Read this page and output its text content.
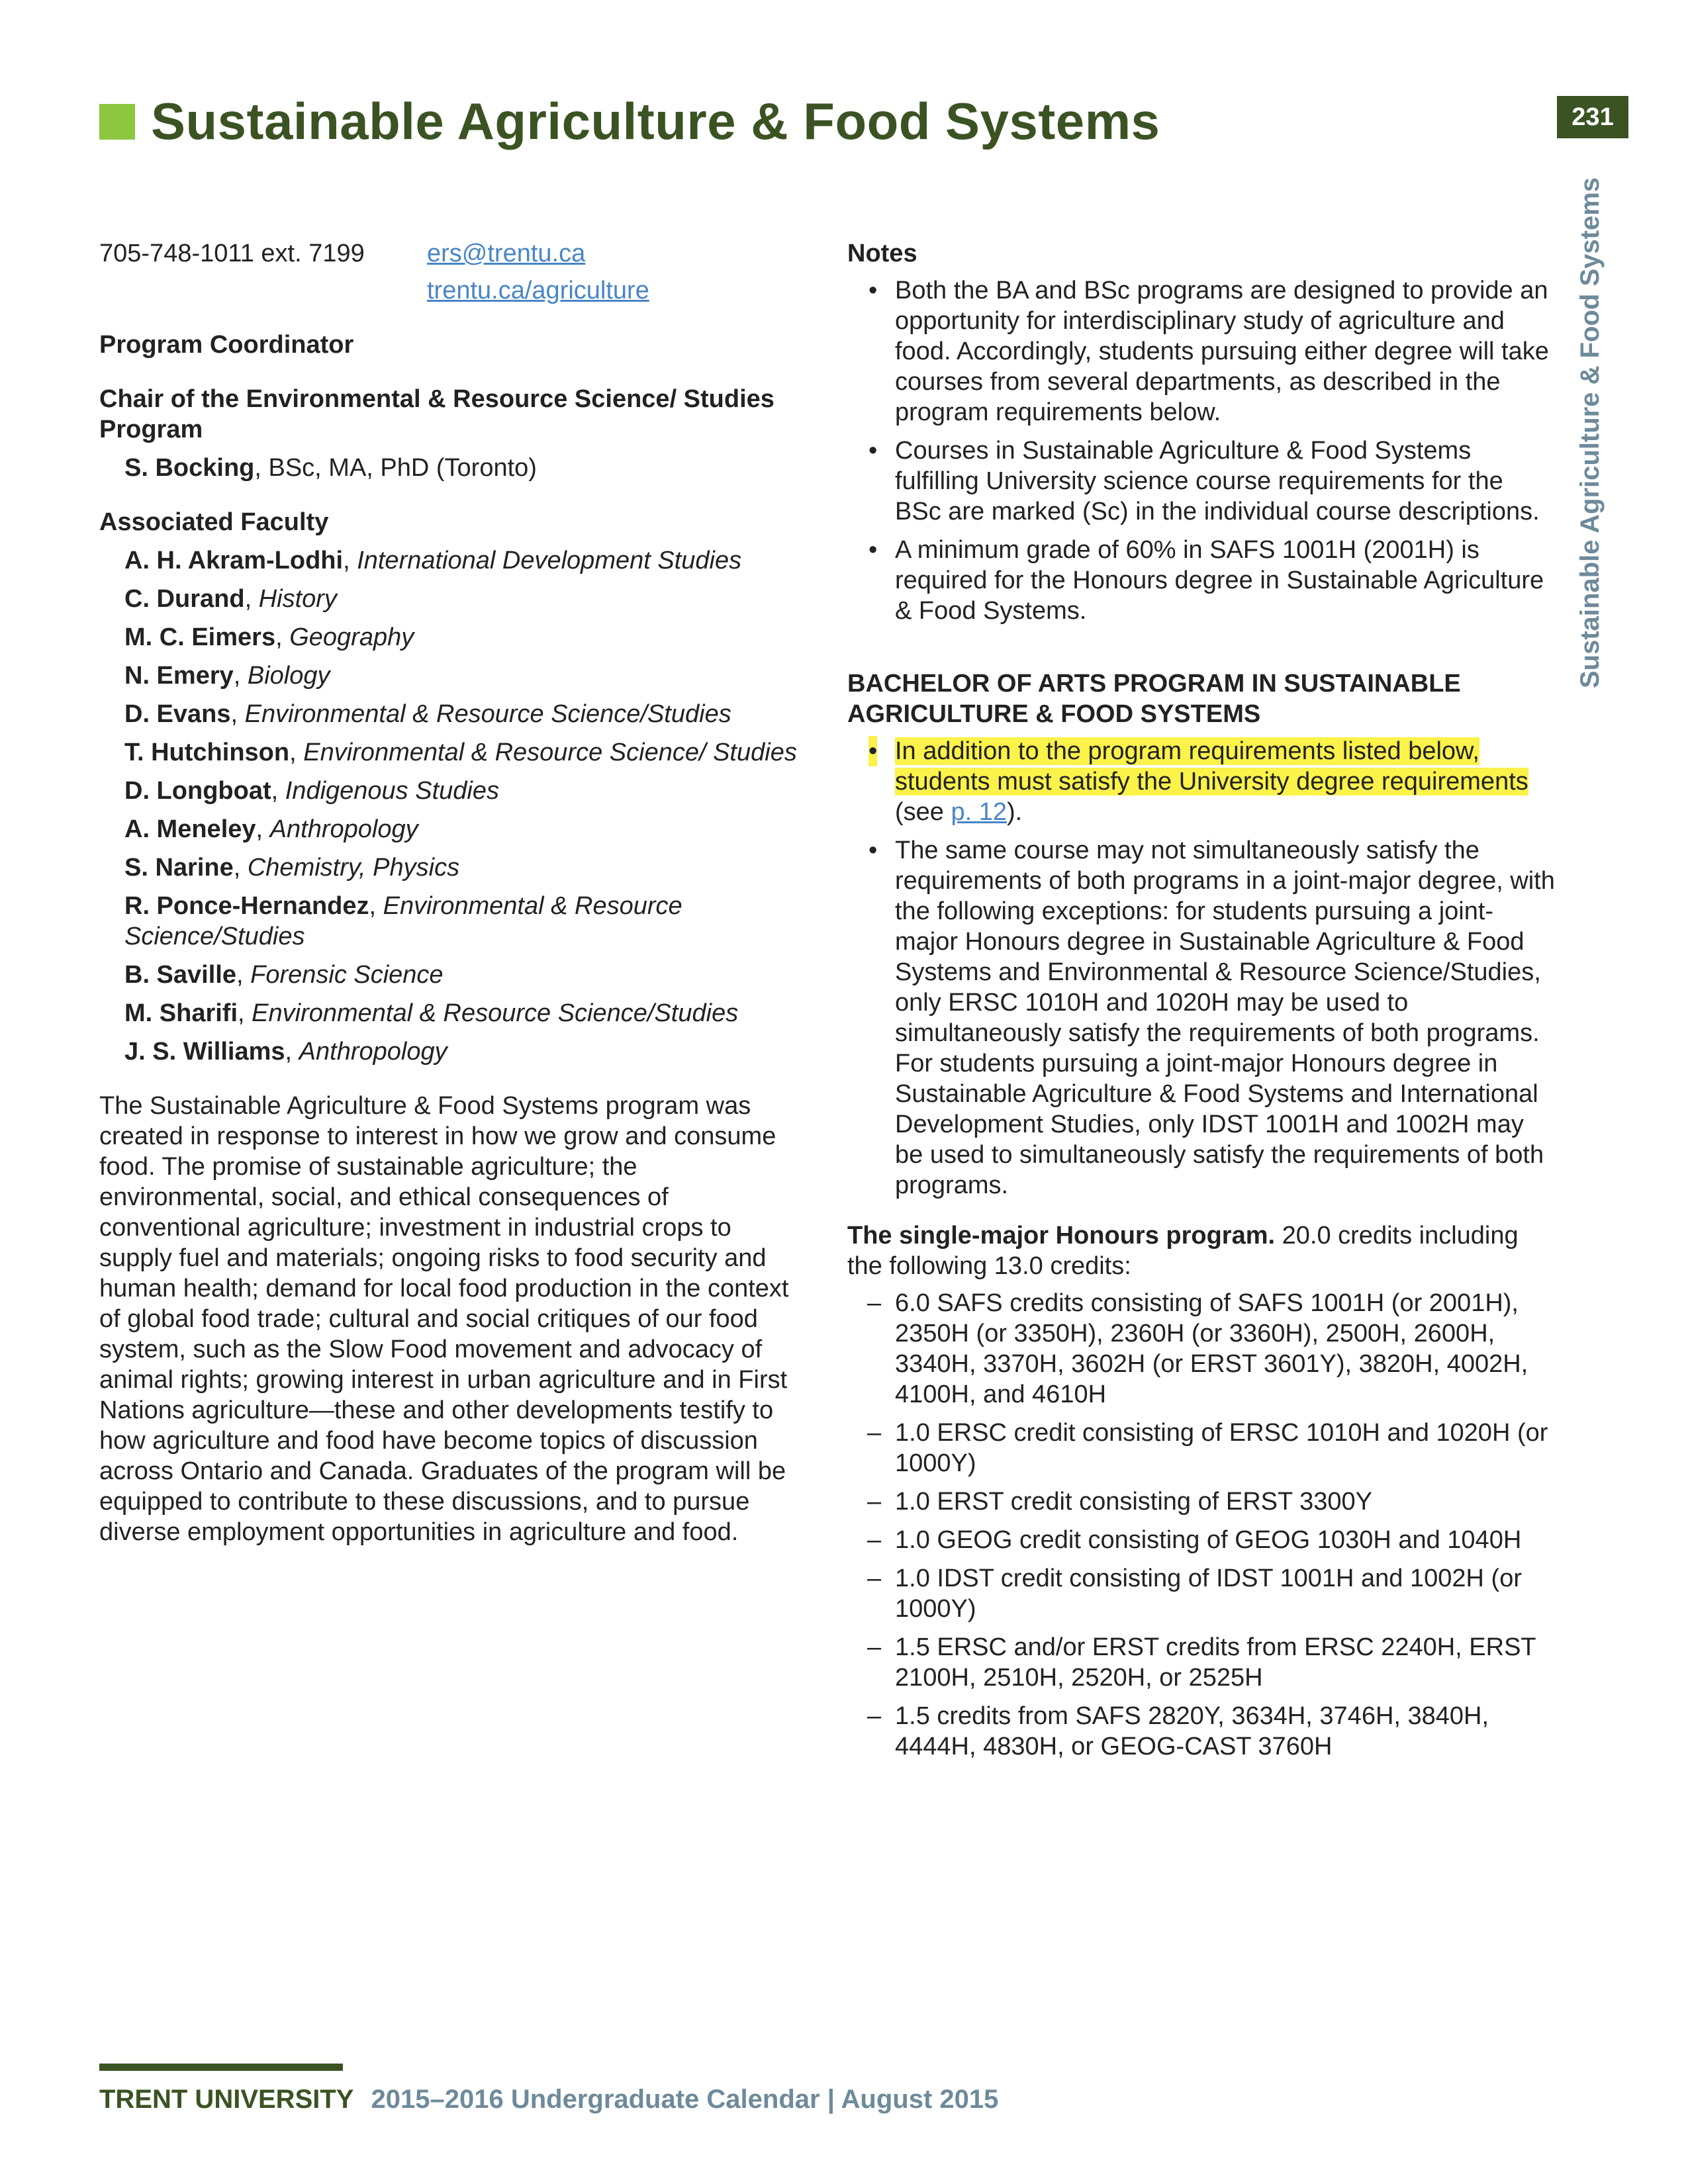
Sustainable Agriculture & Food Systems	231
Sustainable Agriculture & Food Systems
705-748-1011 ext. 7199	ers@trentu.ca
trentu.ca/agriculture
Program Coordinator
Chair of the Environmental & Resource Science/ Studies Program
S. Bocking, BSc, MA, PhD (Toronto)
Associated Faculty
A. H. Akram-Lodhi, International Development Studies
C. Durand, History
M. C. Eimers, Geography
N. Emery, Biology
D. Evans, Environmental & Resource Science/Studies
T. Hutchinson, Environmental & Resource Science/ Studies
D. Longboat, Indigenous Studies
A. Meneley, Anthropology
S. Narine, Chemistry, Physics
R. Ponce-Hernandez, Environmental & Resource Science/Studies
B. Saville, Forensic Science
M. Sharifi, Environmental & Resource Science/Studies
J. S. Williams, Anthropology
The Sustainable Agriculture & Food Systems program was created in response to interest in how we grow and consume food. The promise of sustainable agriculture; the environmental, social, and ethical consequences of conventional agriculture; investment in industrial crops to supply fuel and materials; ongoing risks to food security and human health; demand for local food production in the context of global food trade; cultural and social critiques of our food system, such as the Slow Food movement and advocacy of animal rights; growing interest in urban agriculture and in First Nations agriculture—these and other developments testify to how agriculture and food have become topics of discussion across Ontario and Canada. Graduates of the program will be equipped to contribute to these discussions, and to pursue diverse employment opportunities in agriculture and food.
Notes
• Both the BA and BSc programs are designed to provide an opportunity for interdisciplinary study of agriculture and food. Accordingly, students pursuing either degree will take courses from several departments, as described in the program requirements below.
• Courses in Sustainable Agriculture & Food Systems fulfilling University science course requirements for the BSc are marked (Sc) in the individual course descriptions.
• A minimum grade of 60% in SAFS 1001H (2001H) is required for the Honours degree in Sustainable Agriculture & Food Systems.
BACHELOR OF ARTS PROGRAM IN SUSTAINABLE AGRICULTURE & FOOD SYSTEMS
• In addition to the program requirements listed below, students must satisfy the University degree requirements (see p. 12).
• The same course may not simultaneously satisfy the requirements of both programs in a joint-major degree, with the following exceptions: for students pursuing a joint-major Honours degree in Sustainable Agriculture & Food Systems and Environmental & Resource Science/Studies, only ERSC 1010H and 1020H may be used to simultaneously satisfy the requirements of both programs. For students pursuing a joint-major Honours degree in Sustainable Agriculture & Food Systems and International Development Studies, only IDST 1001H and 1002H may be used to simultaneously satisfy the requirements of both programs.
The single-major Honours program. 20.0 credits including the following 13.0 credits:
– 6.0 SAFS credits consisting of SAFS 1001H (or 2001H), 2350H (or 3350H), 2360H (or 3360H), 2500H, 2600H, 3340H, 3370H, 3602H (or ERST 3601Y), 3820H, 4002H, 4100H, and 4610H
– 1.0 ERSC credit consisting of ERSC 1010H and 1020H (or 1000Y)
– 1.0 ERST credit consisting of ERST 3300Y
– 1.0 GEOG credit consisting of GEOG 1030H and 1040H
– 1.0 IDST credit consisting of IDST 1001H and 1002H (or 1000Y)
– 1.5 ERSC and/or ERST credits from ERSC 2240H, ERST 2100H, 2510H, 2520H, or 2525H
– 1.5 credits from SAFS 2820Y, 3634H, 3746H, 3840H, 4444H, 4830H, or GEOG-CAST 3760H
TRENT UNIVERSITY 2015–2016 Undergraduate Calendar | August 2015
